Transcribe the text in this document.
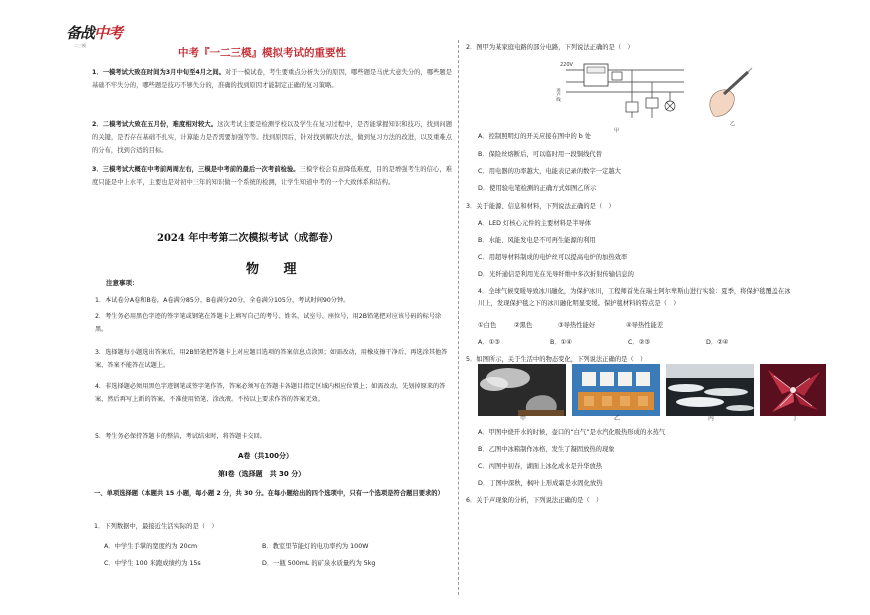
备战中考
二三模
中考『一二三模』模拟考试的重要性
1．一模考试大致在时间为3月中旬至4月之间。对于一模试卷，考生要重点分析失分的原因，哪些题是马虎大意失分的，哪些题是基础不牢失分的，哪些题是技巧不够失分的，准确的找到原因才能制定正确的复习策略。
2．二模考试大致在五月份，难度相对较大。这次考试主要是检测学校以及学生在复习过程中，是否能掌握知识和技巧，找到问题的关键，是否存在基础不扎实，计算能力是否需要加强等等。找到原因后，针对找到解决方法，做到复习方法的改进，以及重难点的分布，找到合适的目标。
3．三模考试大概在中考前两周左右，三模是中考前的最后一次考前检验。三模学校会有意降低难度，目的是增强考生的信心，难度只能是中上水平，主要也是对初中三年的知识做一个系统的检测，让学生知道中考的一个大致体系和结构。
2024 年中考第二次模拟考试（成都卷）
物 理
注意事项：
1．本试卷分A卷和B卷，A卷满分85分，B卷满分20分，全卷满分105分，考试时间90分钟。
2．考生务必用黑色字迹的签字笔或钢笔在答题卡上填写自己的考号、姓名、试室号、座位号，用2B铅笔把对应该号码的标号涂黑。
3．选择题每小题选出答案后，用2B铅笔把答题卡上对应题目选项的答案信息点涂黑；如需改动，用橡皮擦干净后，再选涂其他答案，答案不能答在试题上。
4．非选择题必须用黑色字迹钢笔或签字笔作答，答案必须写在答题卡各题目指定区域内相应位置上；如需改动，先划掉原来的答案，然后再写上新的答案，不准使用铅笔、涂改液。不按以上要求作答的答案无效。
5．考生务必保持答题卡的整洁，考试结束时，将答题卡交回。
A卷（共100分）
第Ⅰ卷（选择题　共 30 分）
一、单项选择题（本题共 15 小题，每小题 2 分，共 30 分。在每小题给出的四个选项中，只有一个选项是符合题目要求的）
1．下列数据中，最接近生活实际的是（　）
A．中学生手掌的宽度约为 20cm	B．教室里节能灯的电功率约为 100W
C．中学生 100 米跑成绩约为 15s	D．一瓶 500mL 的矿泉水质量约为 5kg
2．图甲为某家庭电路的部分电路，下列说法正确的是（　）
220V
进户线
甲
乙
A．控制照明灯的开关应接在图中的 b 处
B．保险丝熔断后，可以临时用一段铜线代替
C．用电器的功率越大，电能表记录的数字一定越大
D．使用验电笔检测的正确方式如图乙所示
3．关于能源、信息和材料，下列说法正确的是（　）
A．LED 灯核心元件的主要材料是半导体
B．水能、风能发电是不可再生能源的利用
C．用超导材料制成的电炉丝可以提高电炉的加热效率
D．光纤通信是利用光在光导纤维中多次折射传输信息的
4．全球气候变暖导致冰川融化，为保护冰川，工程师首先在瑞士阿尔卑斯山进行实验：夏季，将保护毯覆盖在冰川上，发现保护毯之下的冰川融化明显变缓。保护毯材料的特点是（　）
①白色	②黑色	③导热性能好	④导热性能差
A．①③	B．①④	C．②③	D．②④
5．如图所示，关于生活中的物态变化，下列说法正确的是（　）
甲	乙	丙	丁
A．甲图中烧开水的时候，壶口的“白气”是水汽化吸热形成的水蒸气
B．乙图中冰箱制作冰格，发生了凝固放热的现象
C．丙图中初春，湖面上冰化成水是升华放热
D．丁图中深秋，枫叶上形成霜是水固化放热
6．关于声现象的分析，下列说法正确的是（　）
